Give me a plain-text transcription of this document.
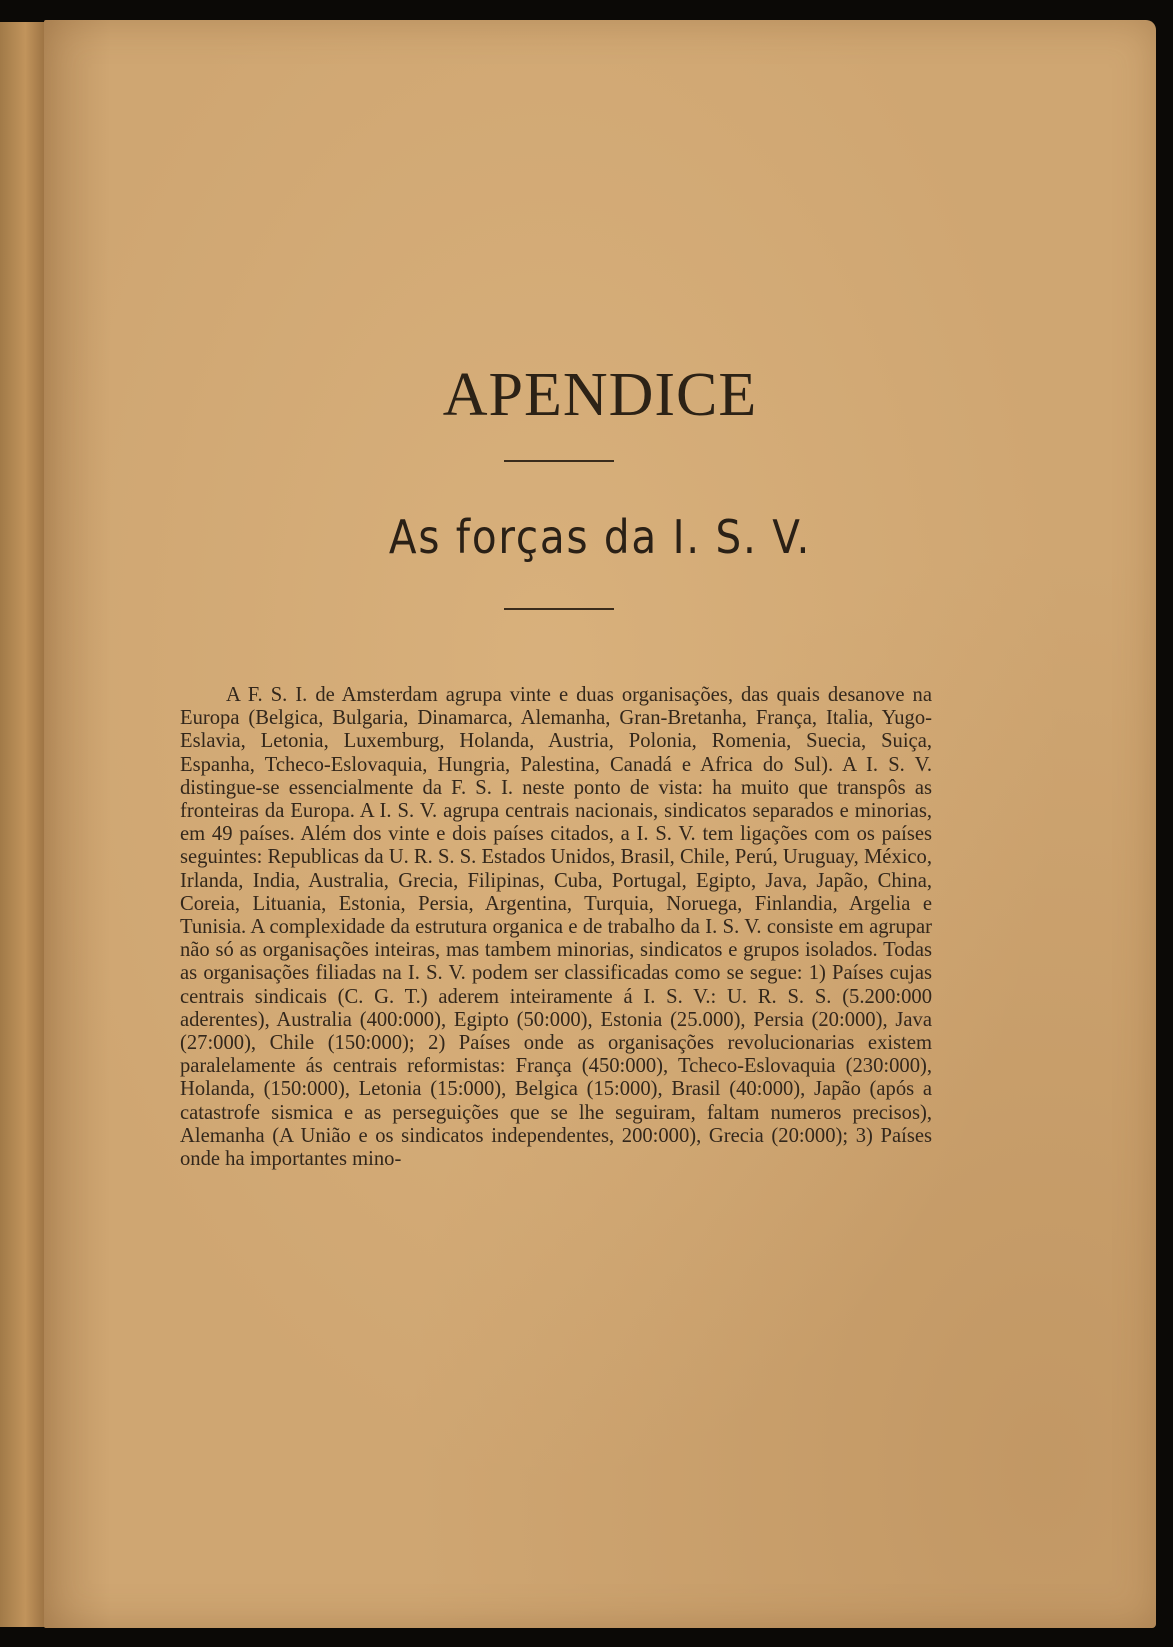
APENDICE
As forças da I. S. V.

A F. S. I. de Amsterdam agrupa vinte e duas organisações, das quais desanove na Europa (Belgica, Bulgaria, Dinamarca, Alemanha, Gran-Bretanha, França, Italia, Yugo-Eslavia, Letonia, Luxemburg, Holanda, Austria, Polonia, Romenia, Suecia, Suiça, Espanha, Tcheco-Eslovaquia, Hungria, Palestina, Canadá e Africa do Sul). A I. S. V. distingue-se essencialmente da F. S. I. neste ponto de vista: ha muito que transpôs as fronteiras da Europa. A I. S. V. agrupa centrais nacionais, sindicatos separados e minorias, em 49 países. Além dos vinte e dois países citados, a I. S. V. tem ligações com os países seguintes: Republicas da U. R. S. S. Estados Unidos, Brasil, Chile, Perú, Uruguay, México, Irlanda, India, Australia, Grecia, Filipinas, Cuba, Portugal, Egipto, Java, Japão, China, Coreia, Lituania, Estonia, Persia, Argentina, Turquia, Noruega, Finlandia, Argelia e Tunisia. A complexidade da estrutura organica e de trabalho da I. S. V. consiste em agrupar não só as organisações inteiras, mas tambem minorias, sindicatos e grupos isolados. Todas as organisações filiadas na I. S. V. podem ser classificadas como se segue: 1) Países cujas centrais sindicais (C. G. T.) aderem inteiramente á I. S. V.: U. R. S. S. (5.200:000 aderentes), Australia (400:000), Egipto (50:000), Estonia (25.000), Persia (20:000), Java (27:000), Chile (150:000); 2) Países onde as organisações revolucionarias existem paralelamente ás centrais reformistas: França (450:000), Tcheco-Eslovaquia (230:000), Holanda, (150:000), Letonia (15:000), Belgica (15:000), Brasil (40:000), Japão (após a catastrofe sismica e as perseguições que se lhe seguiram, faltam numeros precisos), Alemanha (A União e os sindicatos independentes, 200:000), Grecia (20:000); 3) Países onde ha importantes mino-
